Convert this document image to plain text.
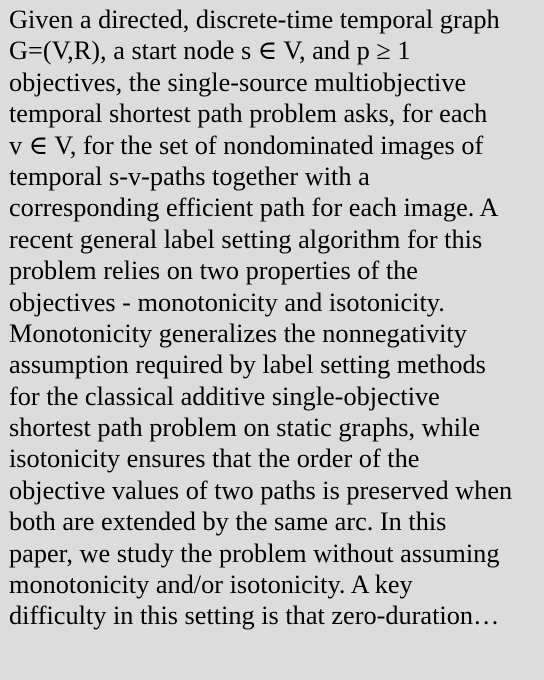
Given a directed, discrete-time temporal graph
G=(V,R), a start node s ∈ V, and p ≥ 1
objectives, the single-source multiobjective
temporal shortest path problem asks, for each
v ∈ V, for the set of nondominated images of
temporal s-v-paths together with a
corresponding efficient path for each image. A
recent general label setting algorithm for this
problem relies on two properties of the
objectives - monotonicity and isotonicity.
Monotonicity generalizes the nonnegativity
assumption required by label setting methods
for the classical additive single-objective
shortest path problem on static graphs, while
isotonicity ensures that the order of the
objective values of two paths is preserved when
both are extended by the same arc. In this
paper, we study the problem without assuming
monotonicity and/or isotonicity. A key
difficulty in this setting is that zero-duration…
